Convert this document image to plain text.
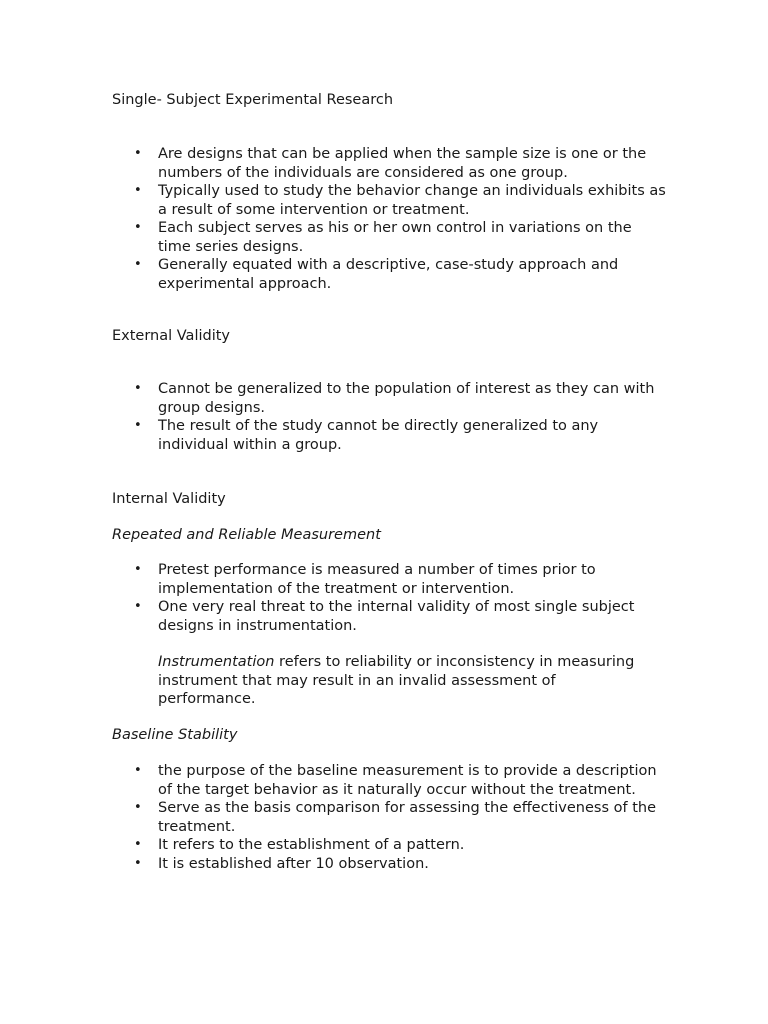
Single- Subject Experimental Research
• Are designs that can be applied when the sample size is one or the numbers of the individuals are considered as one group.
• Typically used to study the behavior change an individuals exhibits as a result of some intervention or treatment.
• Each subject serves as his or her own control in variations on the time series designs.
• Generally equated with a descriptive, case-study approach and experimental approach.
External Validity
• Cannot be generalized to the population of interest as they can with group designs.
• The result of the study cannot be directly generalized to any individual within a group.
Internal Validity
Repeated and Reliable Measurement
• Pretest performance is measured a number of times prior to implementation of the treatment or intervention.
• One very real threat to the internal validity of most single subject designs in instrumentation.

Instrumentation refers to reliability or inconsistency in measuring instrument that may result in an invalid assessment of performance.

Baseline Stability
• the purpose of the baseline measurement is to provide a description of the target behavior as it naturally occur without the treatment.
• Serve as the basis comparison for assessing the effectiveness of the treatment.
• It refers to the establishment of a pattern.
• It is established after 10 observation.
